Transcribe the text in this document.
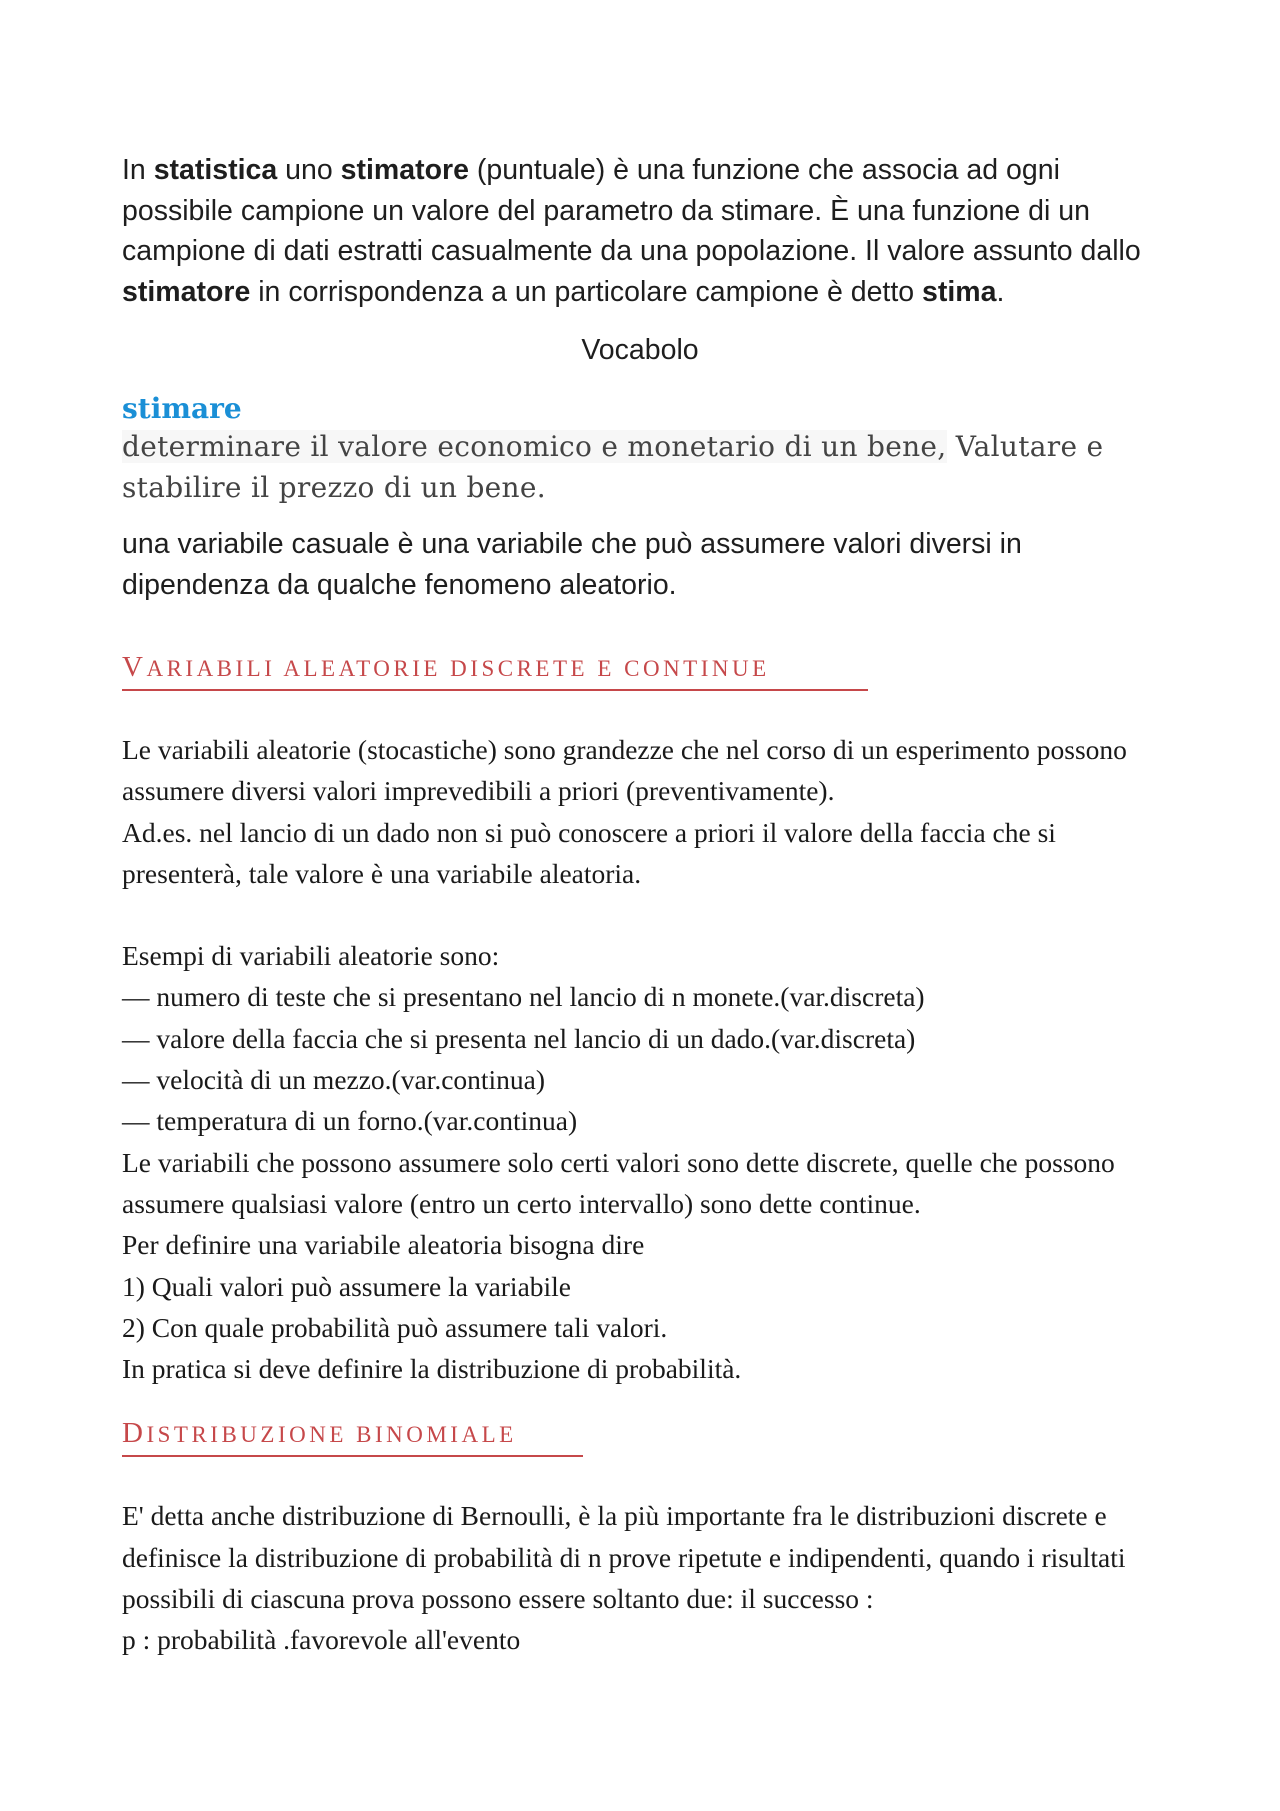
In statistica uno stimatore (puntuale) è una funzione che associa ad ogni possibile campione un valore del parametro da stimare. È una funzione di un campione di dati estratti casualmente da una popolazione. Il valore assunto dallo stimatore in corrispondenza a un particolare campione è detto stima.

Vocabolo
stimare
determinare il valore economico e monetario di un bene, Valutare e stabilire il prezzo di un bene.

una variabile casuale è una variabile che può assumere valori diversi in dipendenza da qualche fenomeno aleatorio.

VARIABILI ALEATORIE DISCRETE E CONTINUE

Le variabili aleatorie (stocastiche) sono grandezze che nel corso di un esperimento possono assumere diversi valori imprevedibili a priori (preventivamente).

Ad.es. nel lancio di un dado non si può conoscere a priori il valore della faccia che si presenterà, tale valore è una variabile aleatoria.

Esempi di variabili aleatorie sono:

— numero di teste che si presentano nel lancio di n monete.(var.discreta)

— valore della faccia che si presenta nel lancio di un dado.(var.discreta)

— velocità di un mezzo.(var.continua)

— temperatura di un forno.(var.continua)

Le variabili che possono assumere solo certi valori sono dette discrete, quelle che possono assumere qualsiasi valore (entro un certo intervallo) sono dette continue.

Per definire una variabile aleatoria bisogna dire

1) Quali valori può assumere la variabile

2) Con quale probabilità può assumere tali valori.

In pratica si deve definire la distribuzione di probabilità.

DISTRIBUZIONE BINOMIALE

E' detta anche distribuzione di Bernoulli, è la più importante fra le distribuzioni discrete e definisce la distribuzione di probabilità di n prove ripetute e indipendenti, quando i risultati possibili di ciascuna prova possono essere soltanto due: il successo :

p : probabilità .favorevole all'evento
